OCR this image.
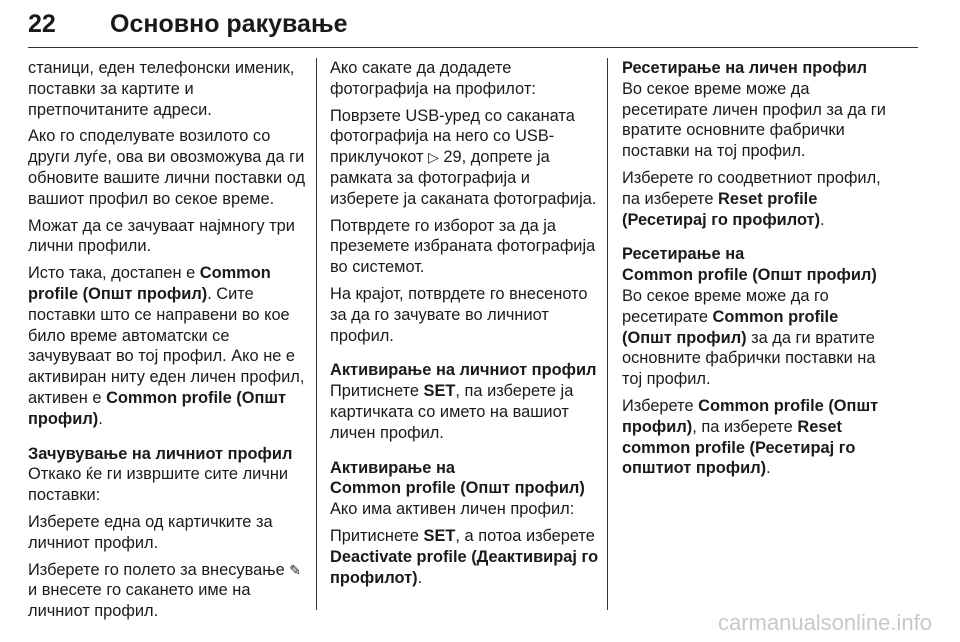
22 Основно ракување

станици, еден телефонски именик, поставки за картите и претпочитаните адреси.

Ако го споделувате возилото со други луѓе, ова ви овозможува да ги обновите вашите лични поставки од вашиот профил во секое време.

Можат да се зачуваат најмногу три лични профили.

Исто така, достапен е Common profile (Општ профил). Сите поставки што се направени во кое било време автоматски се зачувуваат во тој профил. Ако не е активиран ниту еден личен профил, активен е Common profile (Општ профил).

Зачувување на личниот профил

Откако ќе ги извршите сите лични поставки:

Изберете една од картичките за личниот профил.

Изберете го полето за внесување ✎ и внесете го сакането име на личниот профил.

Ако сакате да додадете фотографија на профилот:

Поврзете USB-уред со саканата фотографија на него со USB-приклучокот ▷ 29, допрете ја рамката за фотографија и изберете ја саканата фотографија.

Потврдете го изборот за да ја преземете избраната фотографија во системот.

На крајот, потврдете го внесеното за да го зачувате во личниот профил.

Активирање на личниот профил

Притиснете SET, па изберете ја картичката со името на вашиот личен профил.

Активирање на
Common profile (Општ профил)

Ако има активен личен профил:

Притиснете SET, а потоа изберете Deactivate profile (Деактивирај го профилот).

Ресетирање на личен профил

Во секое време може да ресетирате личен профил за да ги вратите основните фабрички поставки на тој профил.

Изберете го соодветниот профил, па изберете Reset profile (Ресетирај го профилот).

Ресетирање на
Common profile (Општ профил)

Во секое време може да го ресетирате Common profile (Општ профил) за да ги вратите основните фабрички поставки на тој профил.

Изберете Common profile (Општ профил), па изберете Reset common profile (Ресетирај го општиот профил).

carmanualsonline.info
